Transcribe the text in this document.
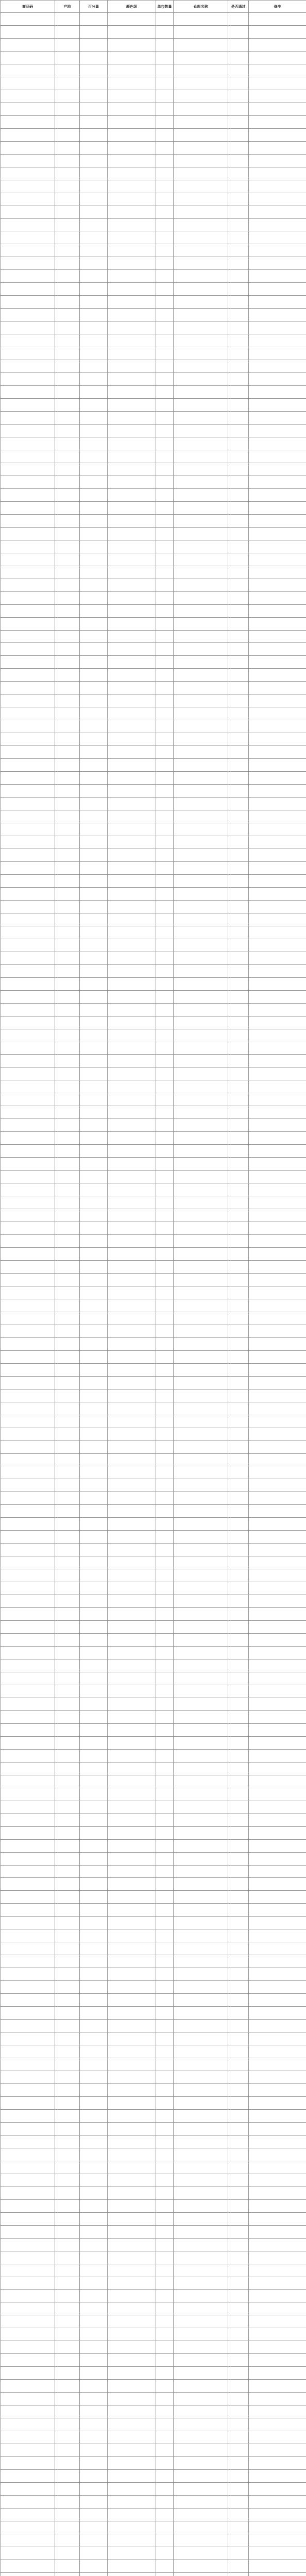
商品码	产地	百分量	颜色级	单包数量	仓库名称	是否通过	备注
